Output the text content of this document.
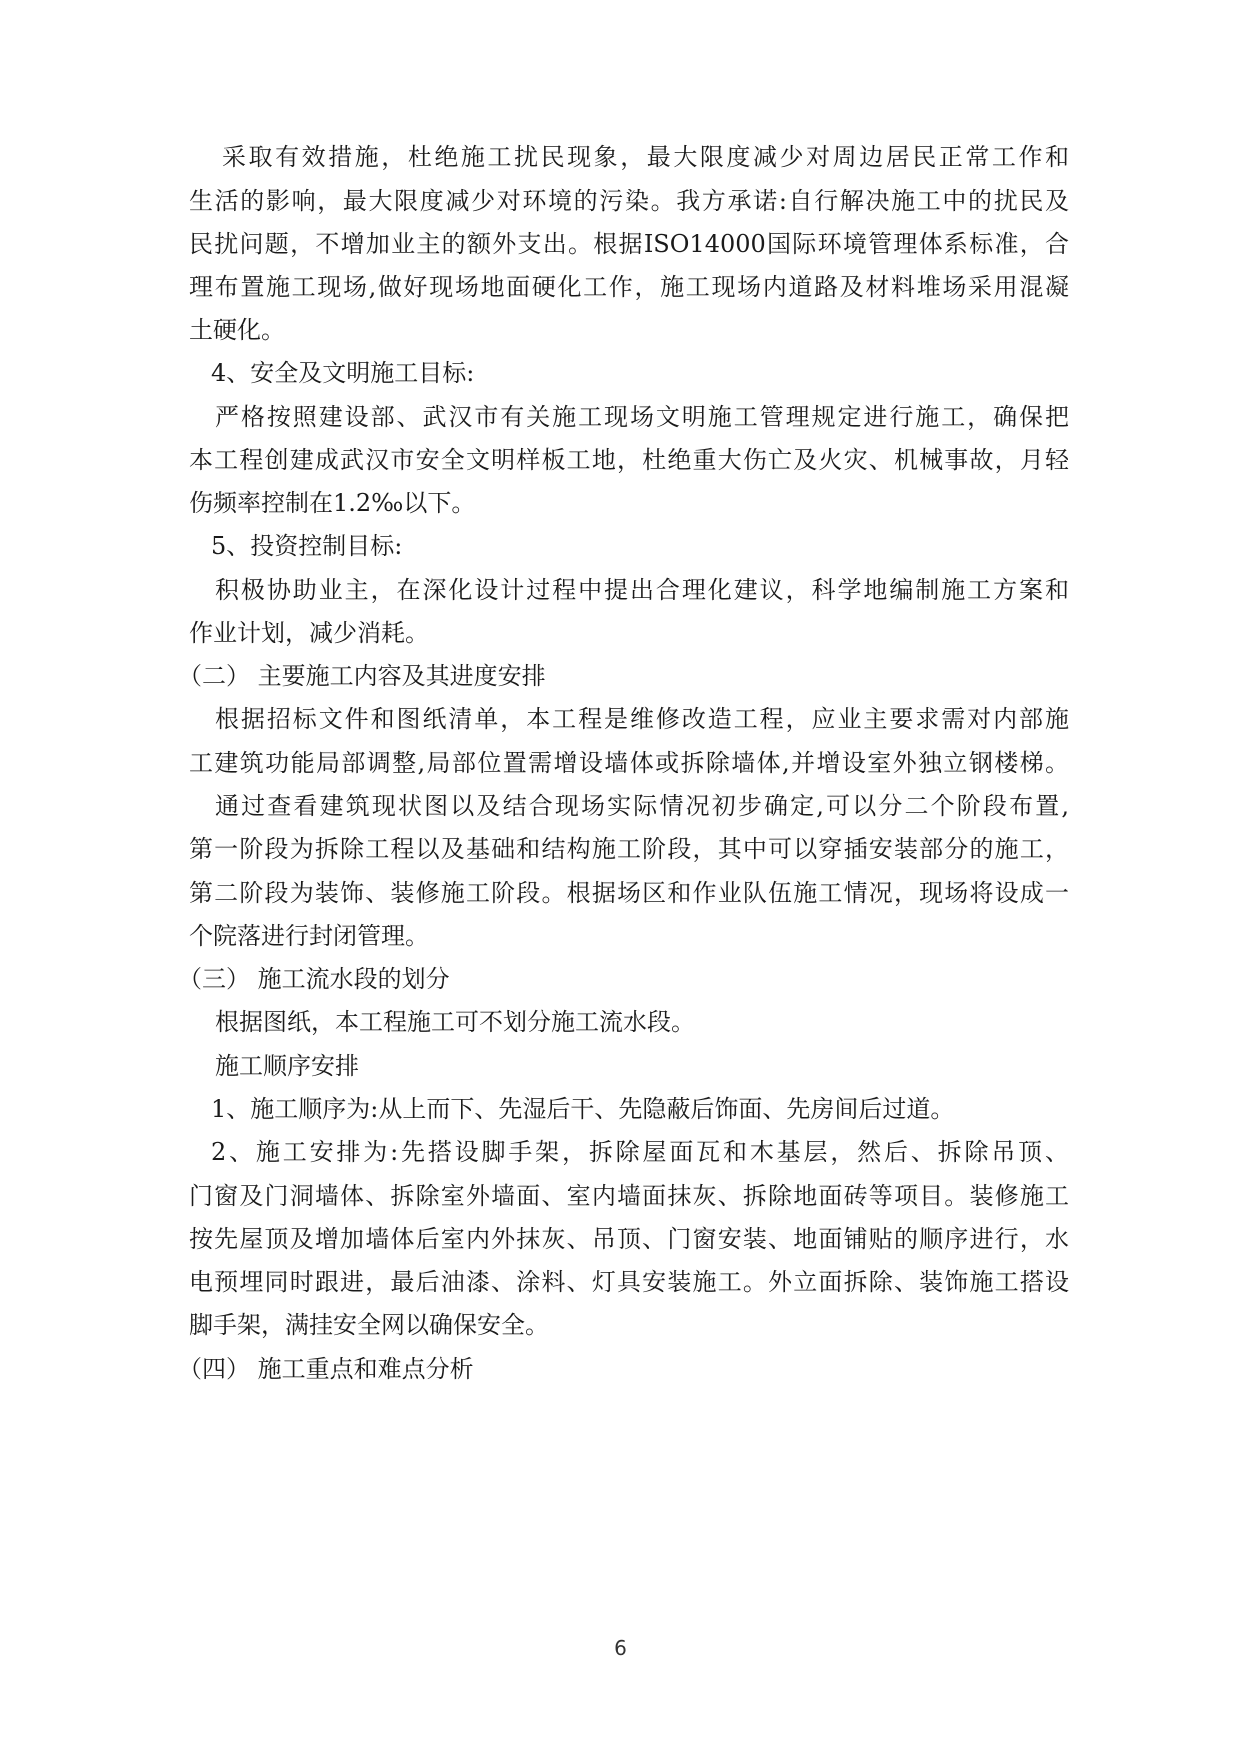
采取有效措施，杜绝施工扰民现象，最大限度减少对周边居民正常工作和
生活的影响，最大限度减少对环境的污染。我方承诺:自行解决施工中的扰民及
民扰问题，不增加业主的额外支出。根据ISO14000国际环境管理体系标准，合
理布置施工现场,做好现场地面硬化工作，施工现场内道路及材料堆场采用混凝
土硬化。
4、安全及文明施工目标:
严格按照建设部、武汉市有关施工现场文明施工管理规定进行施工，确保把
本工程创建成武汉市安全文明样板工地，杜绝重大伤亡及火灾、机械事故，月轻
伤频率控制在1.2‰以下。
5、投资控制目标:
积极协助业主，在深化设计过程中提出合理化建议，科学地编制施工方案和
作业计划，减少消耗。
（二） 主要施工内容及其进度安排
根据招标文件和图纸清单，本工程是维修改造工程，应业主要求需对内部施
工建筑功能局部调整,局部位置需增设墙体或拆除墙体,并增设室外独立钢楼梯。
通过查看建筑现状图以及结合现场实际情况初步确定,可以分二个阶段布置,
第一阶段为拆除工程以及基础和结构施工阶段，其中可以穿插安装部分的施工，
第二阶段为装饰、装修施工阶段。根据场区和作业队伍施工情况，现场将设成一
个院落进行封闭管理。
（三） 施工流水段的划分
根据图纸，本工程施工可不划分施工流水段。
施工顺序安排
1、施工顺序为:从上而下、先湿后干、先隐蔽后饰面、先房间后过道。
2、施工安排为:先搭设脚手架，拆除屋面瓦和木基层，然后、拆除吊顶、
门窗及门洞墙体、拆除室外墙面、室内墙面抹灰、拆除地面砖等项目。装修施工
按先屋顶及增加墙体后室内外抹灰、吊顶、门窗安装、地面铺贴的顺序进行，水
电预埋同时跟进，最后油漆、涂料、灯具安装施工。外立面拆除、装饰施工搭设
脚手架，满挂安全网以确保安全。
（四） 施工重点和难点分析
6
